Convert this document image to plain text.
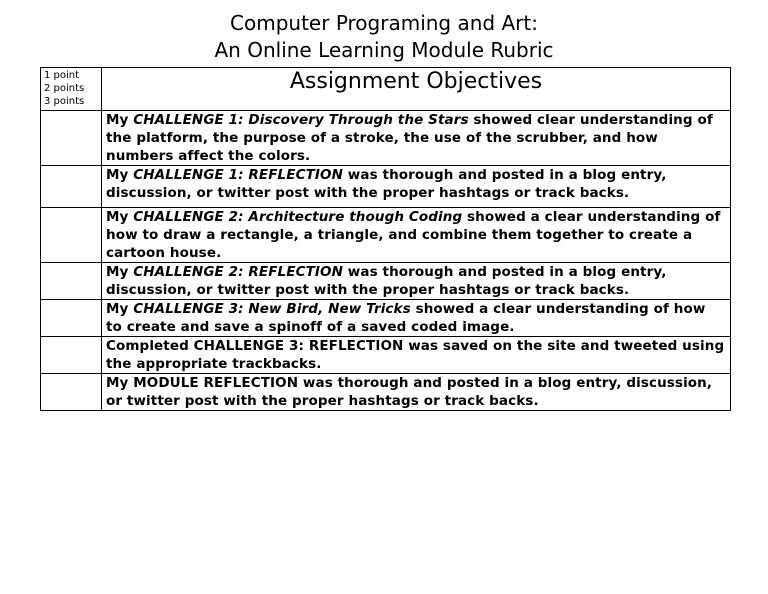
Computer Programing and Art:
An Online Learning Module Rubric
1 point
2 points
3 points	Assignment Objectives
	My CHALLENGE 1: Discovery Through the Stars showed clear understanding of the platform, the purpose of a stroke, the use of the scrubber, and how numbers affect the colors.
	My CHALLENGE 1: REFLECTION was thorough and posted in a blog entry, discussion, or twitter post with the proper hashtags or track backs.
	My CHALLENGE 2: Architecture though Coding showed a clear understanding of how to draw a rectangle, a triangle, and combine them together to create a cartoon house.
	My CHALLENGE 2: REFLECTION was thorough and posted in a blog entry, discussion, or twitter post with the proper hashtags or track backs.
	My CHALLENGE 3: New Bird, New Tricks showed a clear understanding of how to create and save a spinoff of a saved coded image.
	Completed CHALLENGE 3: REFLECTION was saved on the site and tweeted using the appropriate trackbacks.
	My MODULE REFLECTION was thorough and posted in a blog entry, discussion, or twitter post with the proper hashtags or track backs.
